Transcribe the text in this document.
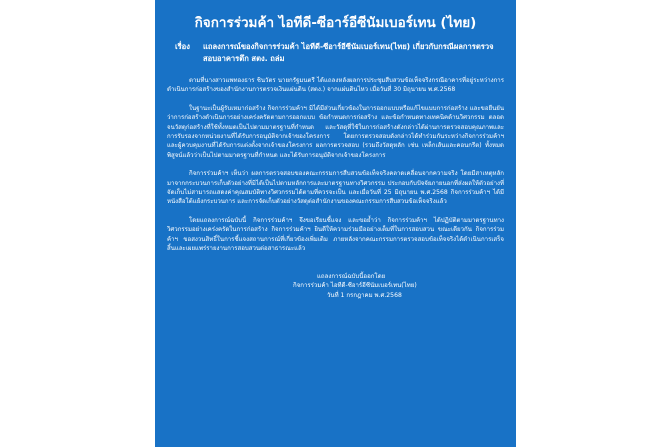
กิจการร่วมค้า ไอทีดี-ซีอาร์อีซีนัมเบอร์เทน (ไทย)
เรื่อง	แถลงการณ์ของกิจการร่วมค้า ไอทีดี-ซีอาร์อีซีนัมเบอร์เทน(ไทย) เกี่ยวกับกรณีผลการตรวจสอบอาคารตึก สตง. ถล่ม

ตามที่นางสาวแพทองธาร ชินวัตร นายกรัฐมนตรี ได้แถลงหลังผลการประชุมสืบสวนข้อเท็จจริงกรณีอาคารที่อยู่ระหว่างการดำเนินการก่อสร้างของสำนักงานการตรวจเงินแผ่นดิน (สตง.) จากแผ่นดินไหว เมื่อวันที่ 30 มิถุนายน พ.ศ.2568

ในฐานะเป็นผู้รับเหมาก่อสร้าง กิจการร่วมค้าฯ มิได้มีส่วนเกี่ยวข้องในการออกแบบหรือแก้ไขแบบการก่อสร้าง และขอยืนยันว่าการก่อสร้างดำเนินการอย่างเคร่งครัดตามการออกแบบ ข้อกำหนดการก่อสร้าง และข้อกำหนดทางเทคนิคด้านวิศวกรรม ตลอดจนวัสดุก่อสร้างที่ใช้ทั้งหมดเป็นไปตามมาตรฐานที่กำหนด และวัสดุที่ใช้ในการก่อสร้างดังกล่าวได้ผ่านการตรวจสอบคุณภาพและการรับรองจากหน่วยงานที่ได้รับการอนุมัติจากเจ้าของโครงการ โดยการตรวจสอบดังกล่าวได้ทำร่วมกันระหว่างกิจการร่วมค้าฯ และผู้ควบคุมงานที่ได้รับการแต่งตั้งจากเจ้าของโครงการ ผลการตรวจสอบ (รวมถึงวัสดุหลัก เช่น เหล็กเส้นและคอนกรีต) ทั้งหมดพิสูจน์แล้วว่าเป็นไปตามมาตรฐานที่กำหนด และได้รับการอนุมัติจากเจ้าของโครงการ

กิจการร่วมค้าฯ เห็นว่า ผลการตรวจสอบของคณะกรรมการสืบสวนข้อเท็จจริงคลาดเคลื่อนจากความจริง โดยมีสาเหตุหลักมาจากกระบวนการเก็บตัวอย่างที่มิได้เป็นไปตามหลักการและมาตรฐานทางวิศวกรรม ประกอบกับปัจจัยภายนอกที่ส่งผลให้ตัวอย่างที่จัดเก็บไม่สามารถแสดงค่าคุณสมบัติทางวิศวกรรมได้ตามที่ควรจะเป็น และเมื่อวันที่ 25 มิถุนายน พ.ศ.2568 กิจการร่วมค้าฯ ได้มีหนังสือโต้แย้งกระบวนการ และการจัดเก็บตัวอย่างวัสดุต่อสำนักงานของคณะกรรมการสืบสวนข้อเท็จจริงแล้ว

โดยแถลงการณ์ฉบับนี้ กิจการร่วมค้าฯ จึงขอเรียนชี้แจง และขอย้ำว่า กิจการร่วมค้าฯ ได้ปฏิบัติตามมาตรฐานทางวิศวกรรมอย่างเคร่งครัดในการก่อสร้าง กิจการร่วมค้าฯ ยินดีให้ความร่วมมืออย่างเต็มที่ในการสอบสวน ขณะเดียวกัน กิจการร่วมค้าฯ ขอสงวนสิทธิ์ในการชี้แจงสถานการณ์ที่เกี่ยวข้องเพิ่มเติม ภายหลังจากคณะกรรมการตรวจสอบข้อเท็จจริงได้ดำเนินการเสร็จสิ้นและเผยแพร่รายงานการสอบสวนต่อสาธารณะแล้ว

แถลงการณ์ฉบับนี้ออกโดย
กิจการร่วมค้า ไอทีดี-ซีอาร์อีซีนัมเบอร์เทน(ไทย)
วันที่ 1 กรกฎาคม พ.ศ.2568
